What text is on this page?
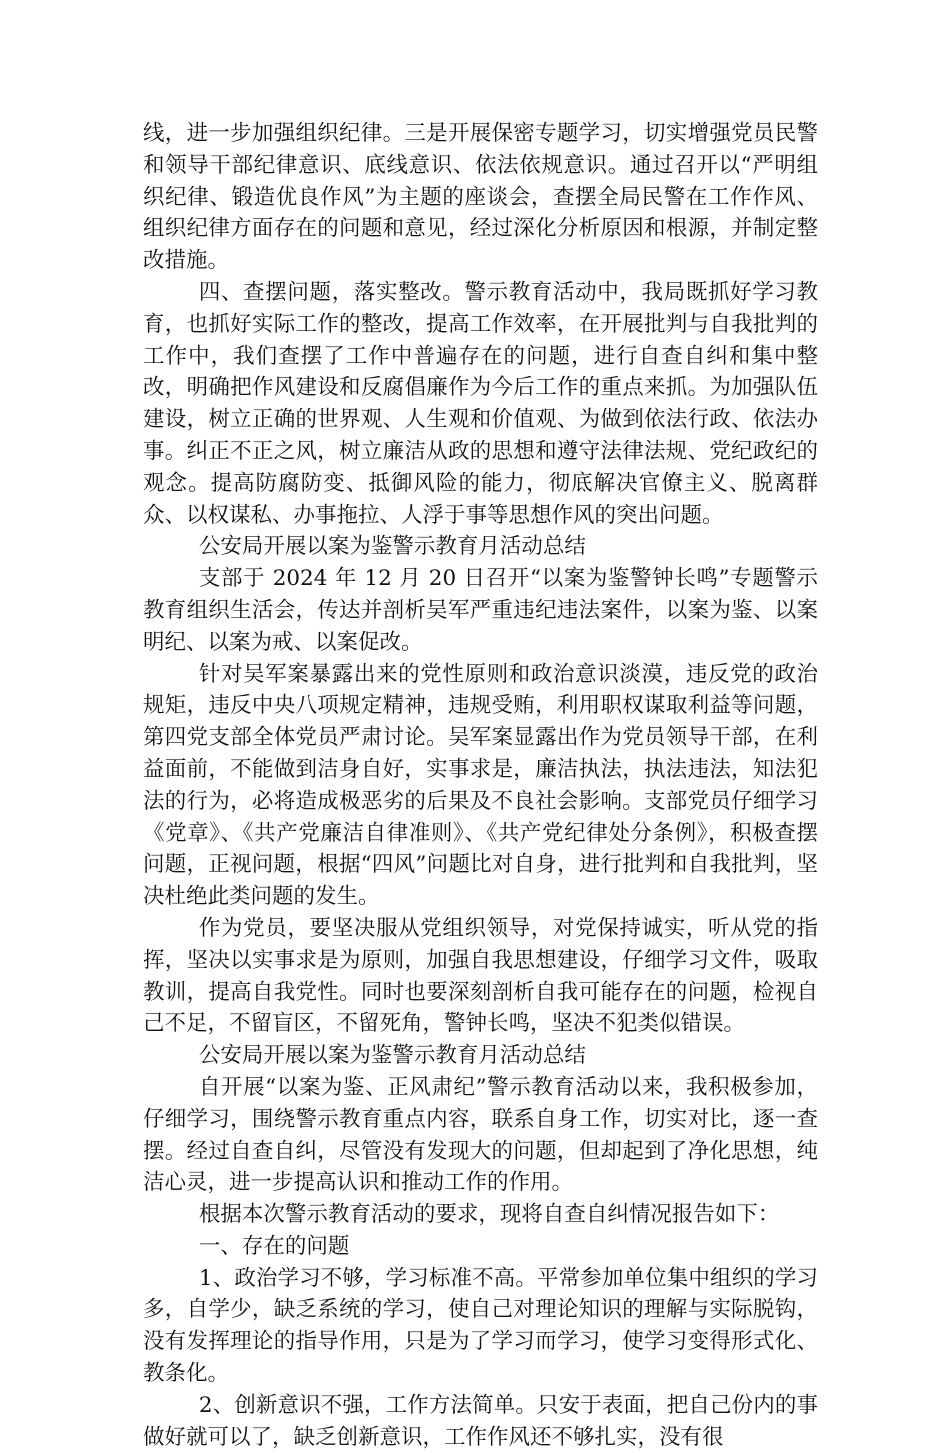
线，进一步加强组织纪律。三是开展保密专题学习，切实增强党员民警和领导干部纪律意识、底线意识、依法依规意识。通过召开以“严明组织纪律、锻造优良作风”为主题的座谈会，查摆全局民警在工作作风、组织纪律方面存在的问题和意见，经过深化分析原因和根源，并制定整改措施。

四、查摆问题，落实整改。警示教育活动中，我局既抓好学习教育，也抓好实际工作的整改，提高工作效率，在开展批判与自我批判的工作中，我们查摆了工作中普遍存在的问题，进行自查自纠和集中整改，明确把作风建设和反腐倡廉作为今后工作的重点来抓。为加强队伍建设，树立正确的世界观、人生观和价值观、为做到依法行政、依法办事。纠正不正之风，树立廉洁从政的思想和遵守法律法规、党纪政纪的观念。提高防腐防变、抵御风险的能力，彻底解决官僚主义、脱离群众、以权谋私、办事拖拉、人浮于事等思想作风的突出问题。

公安局开展以案为鉴警示教育月活动总结

支部于 2024 年 12 月 20 日召开“以案为鉴警钟长鸣”专题警示教育组织生活会，传达并剖析吴军严重违纪违法案件，以案为鉴、以案明纪、以案为戒、以案促改。

针对吴军案暴露出来的党性原则和政治意识淡漠，违反党的政治规矩，违反中央八项规定精神，违规受贿，利用职权谋取利益等问题，第四党支部全体党员严肃讨论。吴军案显露出作为党员领导干部，在利益面前，不能做到洁身自好，实事求是，廉洁执法，执法违法，知法犯法的行为，必将造成极恶劣的后果及不良社会影响。支部党员仔细学习《党章》、《共产党廉洁自律准则》、《共产党纪律处分条例》，积极查摆问题，正视问题，根据“四风”问题比对自身，进行批判和自我批判，坚决杜绝此类问题的发生。

作为党员，要坚决服从党组织领导，对党保持诚实，听从党的指挥，坚决以实事求是为原则，加强自我思想建设，仔细学习文件，吸取教训，提高自我党性。同时也要深刻剖析自我可能存在的问题，检视自己不足，不留盲区，不留死角，警钟长鸣，坚决不犯类似错误。

公安局开展以案为鉴警示教育月活动总结

自开展“以案为鉴、正风肃纪”警示教育活动以来，我积极参加，仔细学习，围绕警示教育重点内容，联系自身工作，切实对比，逐一查摆。经过自查自纠，尽管没有发现大的问题，但却起到了净化思想，纯洁心灵，进一步提高认识和推动工作的作用。

根据本次警示教育活动的要求，现将自查自纠情况报告如下：

一、存在的问题

1、政治学习不够，学习标准不高。平常参加单位集中组织的学习多，自学少，缺乏系统的学习，使自己对理论知识的理解与实际脱钩，没有发挥理论的指导作用，只是为了学习而学习，使学习变得形式化、教条化。

2、创新意识不强，工作方法简单。只安于表面，把自己份内的事做好就可以了，缺乏创新意识，工作作风还不够扎实，没有很
